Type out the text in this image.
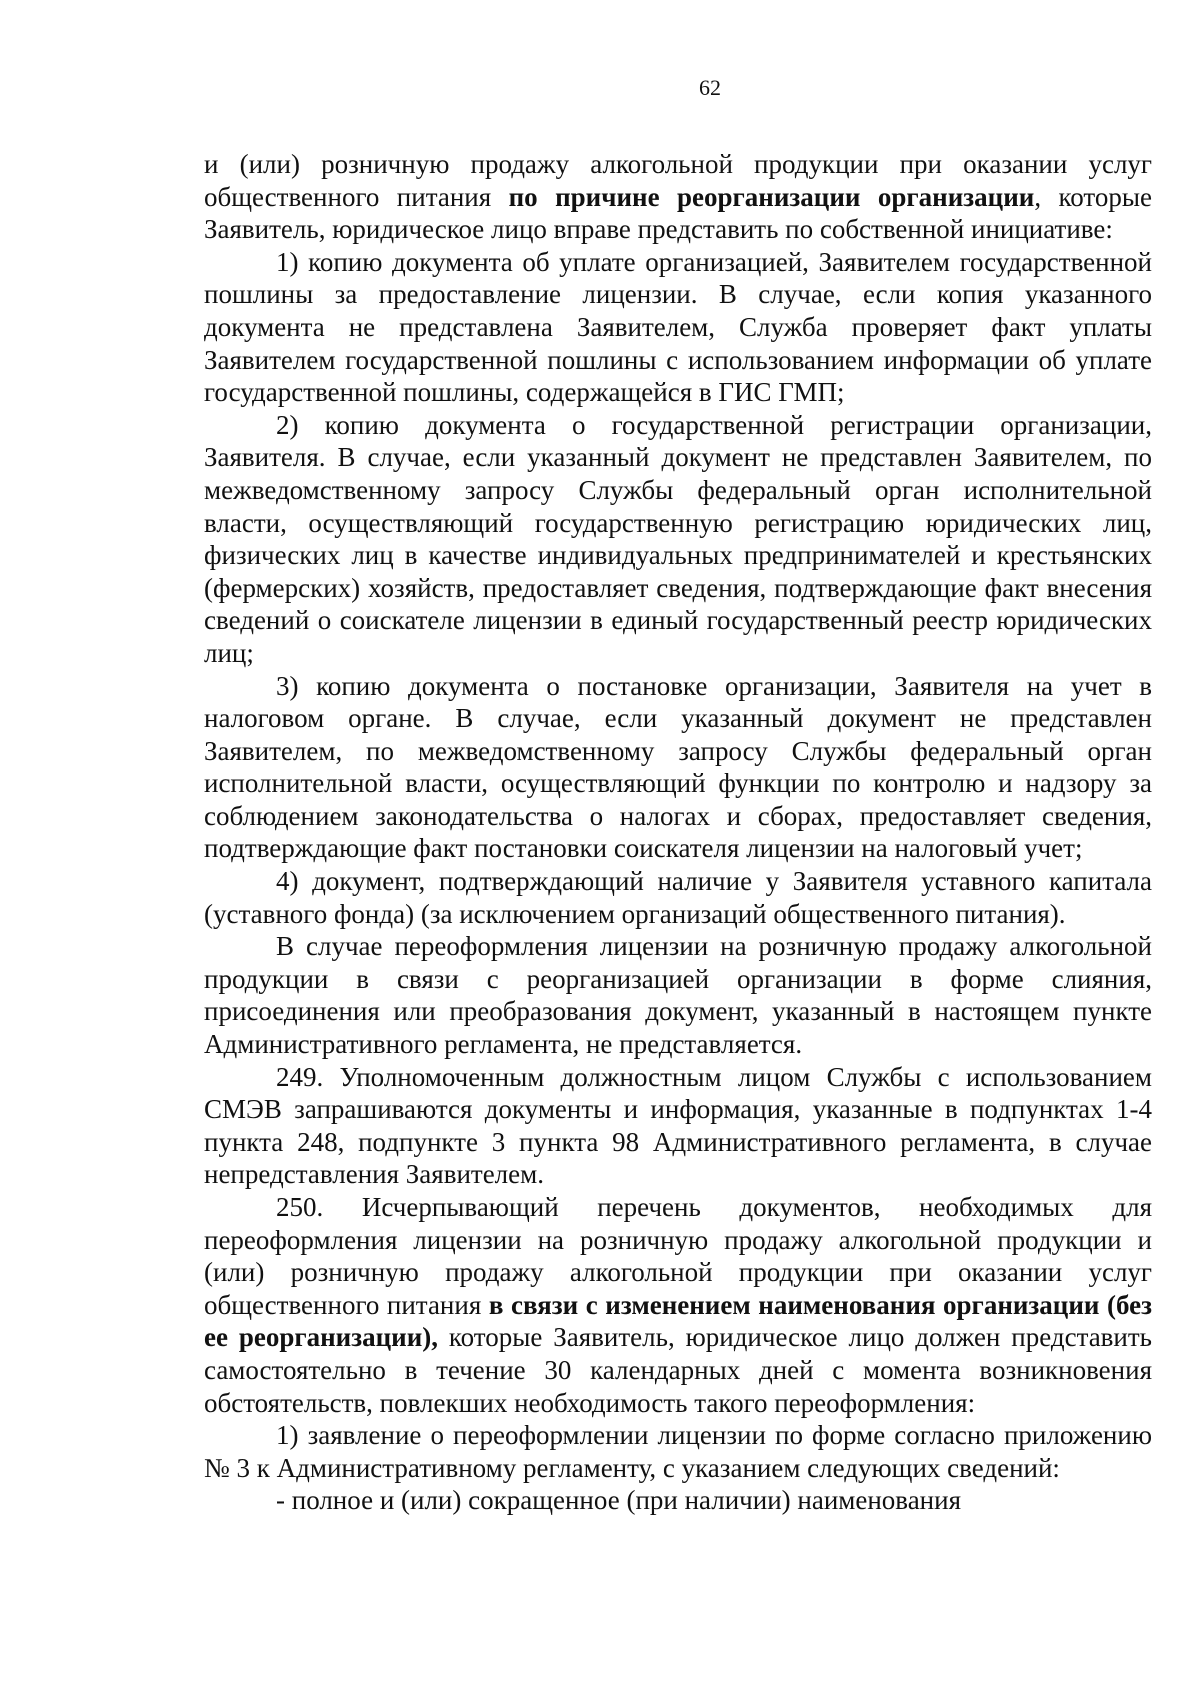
62

и (или) розничную продажу алкогольной продукции при оказании услуг общественного питания по причине реорганизации организации, которые Заявитель, юридическое лицо вправе представить по собственной инициативе:

1) копию документа об уплате организацией, Заявителем государственной пошлины за предоставление лицензии. В случае, если копия указанного документа не представлена Заявителем, Служба проверяет факт уплаты Заявителем государственной пошлины с использованием информации об уплате государственной пошлины, содержащейся в ГИС ГМП;

2) копию документа о государственной регистрации организации, Заявителя. В случае, если указанный документ не представлен Заявителем, по межведомственному запросу Службы федеральный орган исполнительной власти, осуществляющий государственную регистрацию юридических лиц, физических лиц в качестве индивидуальных предпринимателей и крестьянских (фермерских) хозяйств, предоставляет сведения, подтверждающие факт внесения сведений о соискателе лицензии в единый государственный реестр юридических лиц;

3) копию документа о постановке организации, Заявителя на учет в налоговом органе. В случае, если указанный документ не представлен Заявителем, по межведомственному запросу Службы федеральный орган исполнительной власти, осуществляющий функции по контролю и надзору за соблюдением законодательства о налогах и сборах, предоставляет сведения, подтверждающие факт постановки соискателя лицензии на налоговый учет;

4) документ, подтверждающий наличие у Заявителя уставного капитала (уставного фонда) (за исключением организаций общественного питания).

В случае переоформления лицензии на розничную продажу алкогольной продукции в связи с реорганизацией организации в форме слияния, присоединения или преобразования документ, указанный в настоящем пункте Административного регламента, не представляется.

249. Уполномоченным должностным лицом Службы с использованием СМЭВ запрашиваются документы и информация, указанные в подпунктах 1-4 пункта 248, подпункте 3 пункта 98 Административного регламента, в случае непредставления Заявителем.

250. Исчерпывающий перечень документов, необходимых для переоформления лицензии на розничную продажу алкогольной продукции и (или) розничную продажу алкогольной продукции при оказании услуг общественного питания в связи с изменением наименования организации (без ее реорганизации), которые Заявитель, юридическое лицо должен представить самостоятельно в течение 30 календарных дней с момента возникновения обстоятельств, повлекших необходимость такого переоформления:

1) заявление о переоформлении лицензии по форме согласно приложению № 3 к Административному регламенту, с указанием следующих сведений:

- полное и (или) сокращенное (при наличии) наименования
